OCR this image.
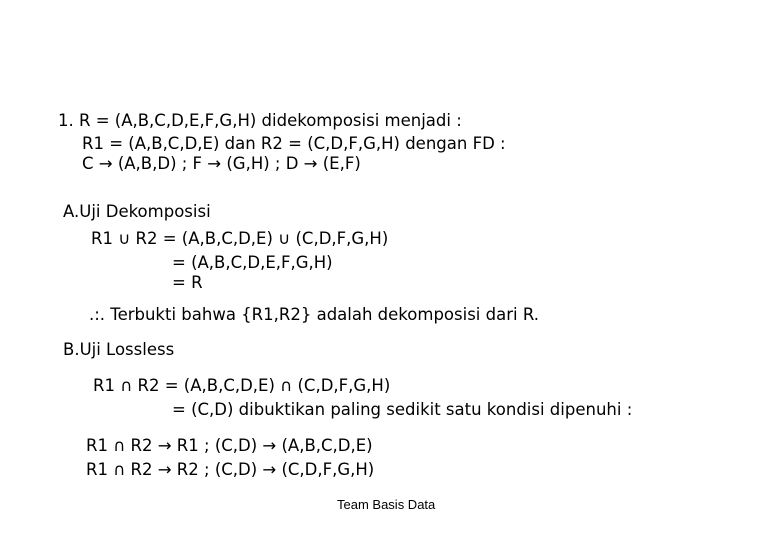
1. R = (A,B,C,D,E,F,G,H) didekomposisi menjadi :
R1 = (A,B,C,D,E) dan R2 = (C,D,F,G,H) dengan FD :
C → (A,B,D) ; F → (G,H) ; D → (E,F)
A.Uji Dekomposisi
R1 ∪ R2 = (A,B,C,D,E) ∪ (C,D,F,G,H)
= (A,B,C,D,E,F,G,H)
= R
.:. Terbukti bahwa {R1,R2} adalah dekomposisi dari R.
B.Uji Lossless
R1 ∩ R2 = (A,B,C,D,E) ∩ (C,D,F,G,H)
= (C,D) dibuktikan paling sedikit satu kondisi dipenuhi :
R1 ∩ R2 → R1 ; (C,D) → (A,B,C,D,E)
R1 ∩ R2 → R2 ; (C,D) → (C,D,F,G,H)
Team Basis Data
